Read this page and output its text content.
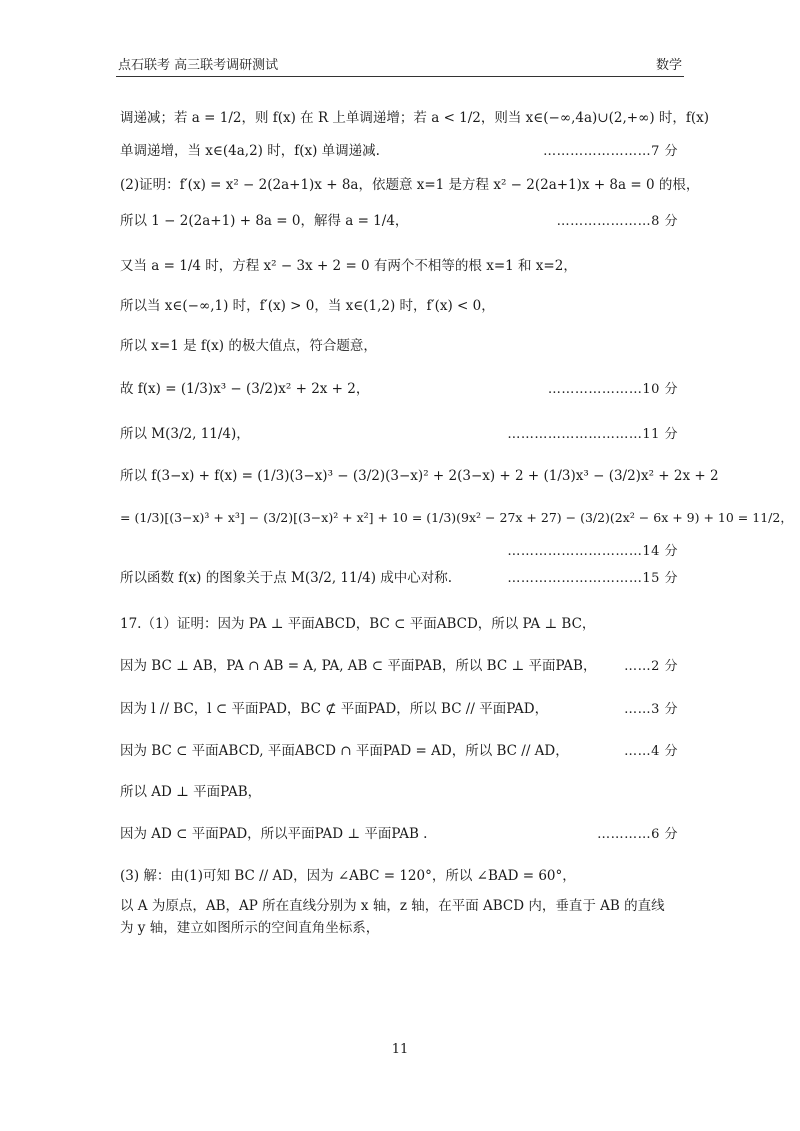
点石联考 高三联考调研测试	数学
调递减；若 a = 1/2，则 f(x) 在 R 上单调递增；若 a < 1/2，则当 x∈(−∞,4a)∪(2,+∞) 时，f(x)
单调递增，当 x∈(4a,2) 时，f(x) 单调递减.	……………………7 分
(2)证明：f′(x) = x² − 2(2a+1)x + 8a，依题意 x=1 是方程 x² − 2(2a+1)x + 8a = 0 的根，
所以 1 − 2(2a+1) + 8a = 0，解得 a = 1/4，	…………………8 分
又当 a = 1/4 时，方程 x² − 3x + 2 = 0 有两个不相等的根 x=1 和 x=2，
所以当 x∈(−∞,1) 时，f′(x) > 0，当 x∈(1,2) 时，f′(x) < 0，
所以 x=1 是 f(x) 的极大值点，符合题意，
故 f(x) = (1/3)x³ − (3/2)x² + 2x + 2，	…………………10 分
所以 M(3/2, 11/4)，	…………………………11 分
所以 f(3−x) + f(x) = (1/3)(3−x)³ − (3/2)(3−x)² + 2(3−x) + 2 + (1/3)x³ − (3/2)x² + 2x + 2
= (1/3)[(3−x)³ + x³] − (3/2)[(3−x)² + x²] + 10 = (1/3)(9x² − 27x + 27) − (3/2)(2x² − 6x + 9) + 10 = 11/2，
…………………………14 分
所以函数 f(x) 的图象关于点 M(3/2, 11/4) 成中心对称.	…………………………15 分
17.（1）证明：因为 PA ⊥ 平面ABCD，BC ⊂ 平面ABCD，所以 PA ⊥ BC，
因为 BC ⊥ AB，PA ∩ AB = A, PA, AB ⊂ 平面PAB，所以 BC ⊥ 平面PAB， ……2 分
因为 l // BC，l ⊂ 平面PAD，BC ⊄ 平面PAD，所以 BC // 平面PAD，	……3 分
因为 BC ⊂ 平面ABCD, 平面ABCD ∩ 平面PAD = AD，所以 BC // AD，	……4 分
所以 AD ⊥ 平面PAB，
因为 AD ⊂ 平面PAD，所以平面PAD ⊥ 平面PAB .	…………6 分
(3) 解：由(1)可知 BC // AD，因为 ∠ABC = 120°，所以 ∠BAD = 60°，
以 A 为原点，AB，AP 所在直线分别为 x 轴，z 轴，在平面 ABCD 内，垂直于 AB 的直线
为 y 轴，建立如图所示的空间直角坐标系，
11
